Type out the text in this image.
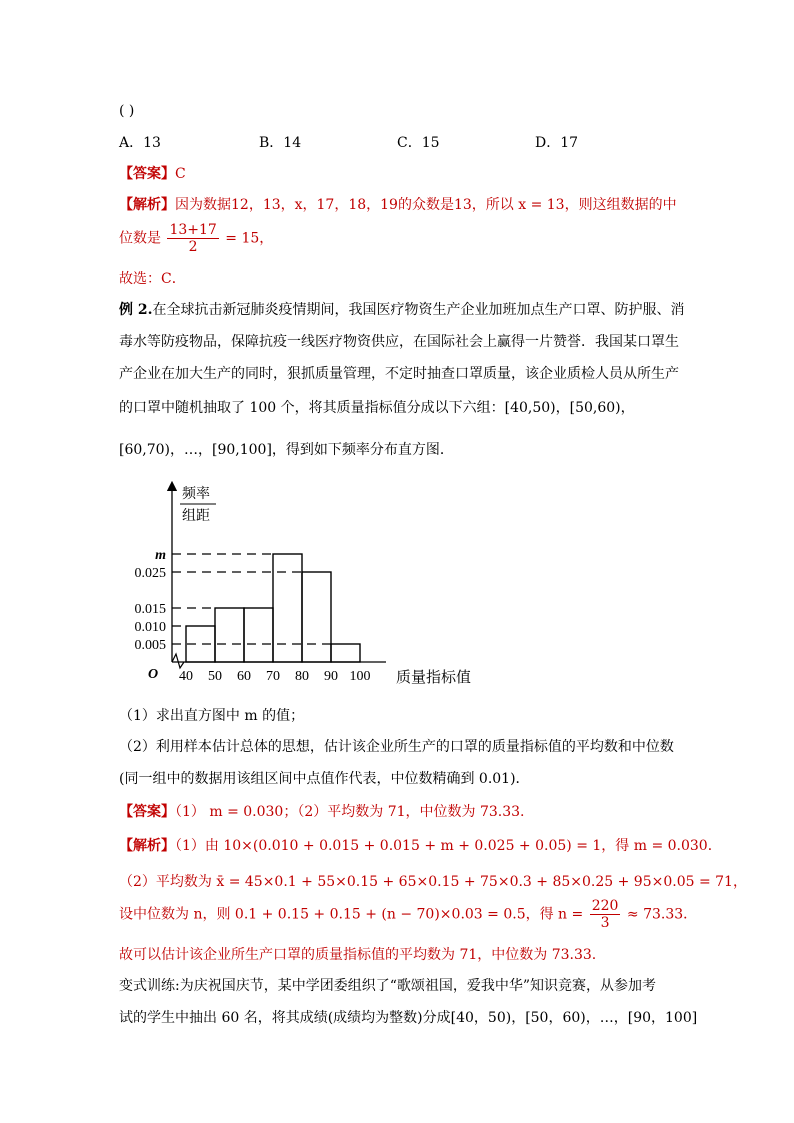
( )
A．13	B．14	C．15	D．17
【答案】C
【解析】因为数据12，13，x，17，18，19的众数是13，所以 x = 13，则这组数据的中
位数是 $\frac{13+17}{2} = 15$，
故选：C．
例 2.在全球抗击新冠肺炎疫情期间，我国医疗物资生产企业加班加点生产口罩、防护服、消
毒水等防疫物品，保障抗疫一线医疗物资供应，在国际社会上赢得一片赞誉．我国某口罩生
产企业在加大生产的同时，狠抓质量管理，不定时抽查口罩质量，该企业质检人员从所生产
的口罩中随机抽取了 100 个，将其质量指标值分成以下六组：[40,50)，[50,60)，
[60,70)，…，[90,100]，得到如下频率分布直方图．
频率
组距
O	质量指标值
m
0.025
0.015
0.010
0.005
40 50 60 70 80 90 100
（1）求出直方图中 m 的值；
（2）利用样本估计总体的思想，估计该企业所生产的口罩的质量指标值的平均数和中位数
(同一组中的数据用该组区间中点值作代表，中位数精确到 0.01)．
【答案】（1） m = 0.030；（2）平均数为 71，中位数为 73.33.
【解析】（1）由 10×(0.010 + 0.015 + 0.015 + m + 0.025 + 0.05) = 1，得 m = 0.030．
（2）平均数为 x̄ = 45×0.1 + 55×0.15 + 65×0.15 + 75×0.3 + 85×0.25 + 95×0.05 = 71，
设中位数为 n，则 0.1 + 0.15 + 0.15 + (n − 70)×0.03 = 0.5，得 $n = \frac{220}{3} \approx 73.33$．
故可以估计该企业所生产口罩的质量指标值的平均数为 71，中位数为 73.33.
变式训练:为庆祝国庆节，某中学团委组织了“歌颂祖国，爱我中华”知识竞赛，从参加考
试的学生中抽出 60 名，将其成绩(成绩均为整数)分成[40，50)，[50，60)，…，[90，100]
